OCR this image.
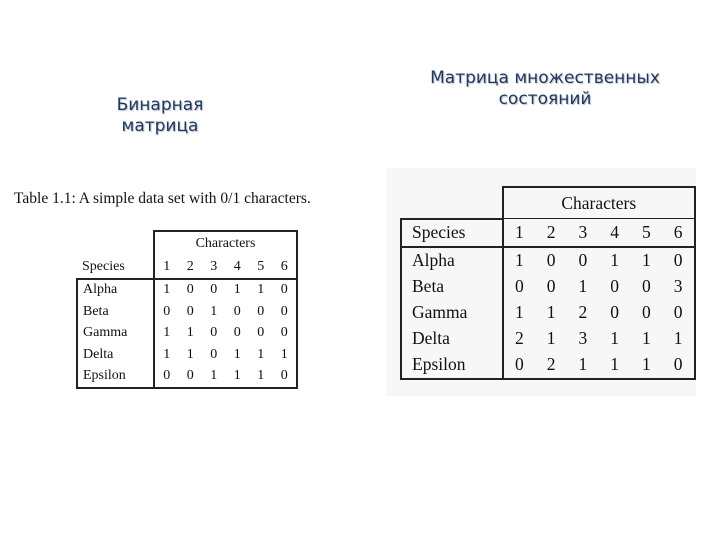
Бинарная
матрица
Матрица множественных
состояний
Table 1.1: A simple data set with 0/1 characters.
	Characters					
Species	1	2	3	4	5	6
Alpha	1	0	0	1	1	0
Beta	0	0	1	0	0	0
Gamma	1	1	0	0	0	0
Delta	1	1	0	1	1	1
Epsilon	0	0	1	1	1	0
	Characters					
Species	1	2	3	4	5	6
Alpha	1	0	0	1	1	0
Beta	0	0	1	0	0	3
Gamma	1	1	2	0	0	0
Delta	2	1	3	1	1	1
Epsilon	0	2	1	1	1	0
